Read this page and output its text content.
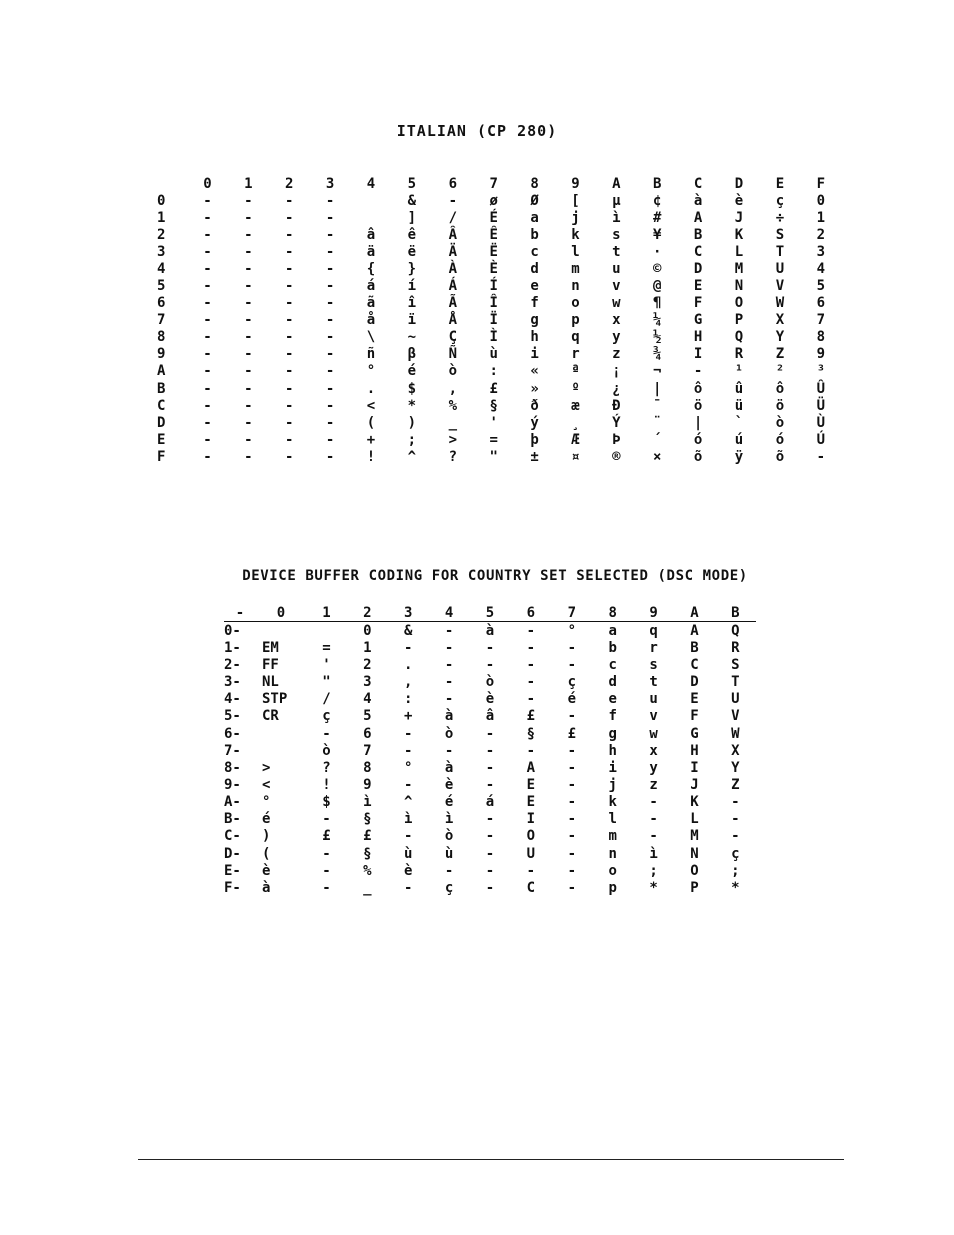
ITALIAN (CP 280)
	0	1	2	3	4	5	6	7	8	9	A	B	C	D	E	F
0	-	-	-	-		&	-	ø	Ø	[	µ	¢	à	è	ç	0
1	-	-	-	-		]	/	É	a	j	ì	#	A	J	÷	1
2	-	-	-	-	â	ê	Â	Ê	b	k	s	¥	B	K	S	2
3	-	-	-	-	ä	ë	Ä	Ë	c	l	t	·	C	L	T	3
4	-	-	-	-	{	}	À	È	d	m	u	©	D	M	U	4
5	-	-	-	-	á	í	Á	Í	e	n	v	@	E	N	V	5
6	-	-	-	-	ã	î	Ã	Î	f	o	w	¶	F	O	W	6
7	-	-	-	-	å	ï	Å	Ï	g	p	x	¼	G	P	X	7
8	-	-	-	-	\	~	Ç	Ì	h	q	y	½	H	Q	Y	8
9	-	-	-	-	ñ	β	Ñ	ù	i	r	z	¾	I	R	Z	9
A	-	-	-	-	°	é	ò	:	«	ª	¡	¬	-	¹	²	³
B	-	-	-	-	.	$	,	£	»	º	¿	|	ô	û	ô	Û
C	-	-	-	-	<	*	%	§	ð	æ	Ð	¯	ö	ü	ö	Ü
D	-	-	-	-	(	)	_	'	ý	¸	Ý	¨	|	`	ò	Ù
E	-	-	-	-	+	;	>	=	þ	Æ	Þ	´	ó	ú	ó	Ú
F	-	-	-	-	!	^	?	"	±	¤	®	×	õ	ÿ	õ	-
DEVICE BUFFER CODING FOR COUNTRY SET SELECTED (DSC MODE)
-	0	1	2	3	4	5	6	7	8	9	A	B
0-			0	&	-	à	-	°	a	q	A	Q
1-	EM	=	1	-	-	-	-	-	b	r	B	R
2-	FF	'	2	.	-	-	-	-	c	s	C	S
3-	NL	"	3	,	-	ò	-	ç	d	t	D	T
4-	STP	/	4	:	-	è	-	é	e	u	E	U
5-	CR	ç	5	+	à	â	£	-	f	v	F	V
6-		-	6	-	ò	-	§	£	g	w	G	W
7-		ò	7	-	-	-	-	-	h	x	H	X
8-	>	?	8	°	à	-	A	-	i	y	I	Y
9-	<	!	9	-	è	-	E	-	j	z	J	Z
A-	°	$	ì	^	é	á	E	-	k	-	K	-
B-	é	-	§	ì	ì	-	I	-	l	-	L	-
C-	)	£	£	-	ò	-	O	-	m	-	M	-
D-	(	-	§	ù	ù	-	U	-	n	ì	N	ç
E-	è	-	%	è	-	-	-	-	o	;	O	;
F-	à	-	_	-	ç	-	C	-	p	*	P	*
